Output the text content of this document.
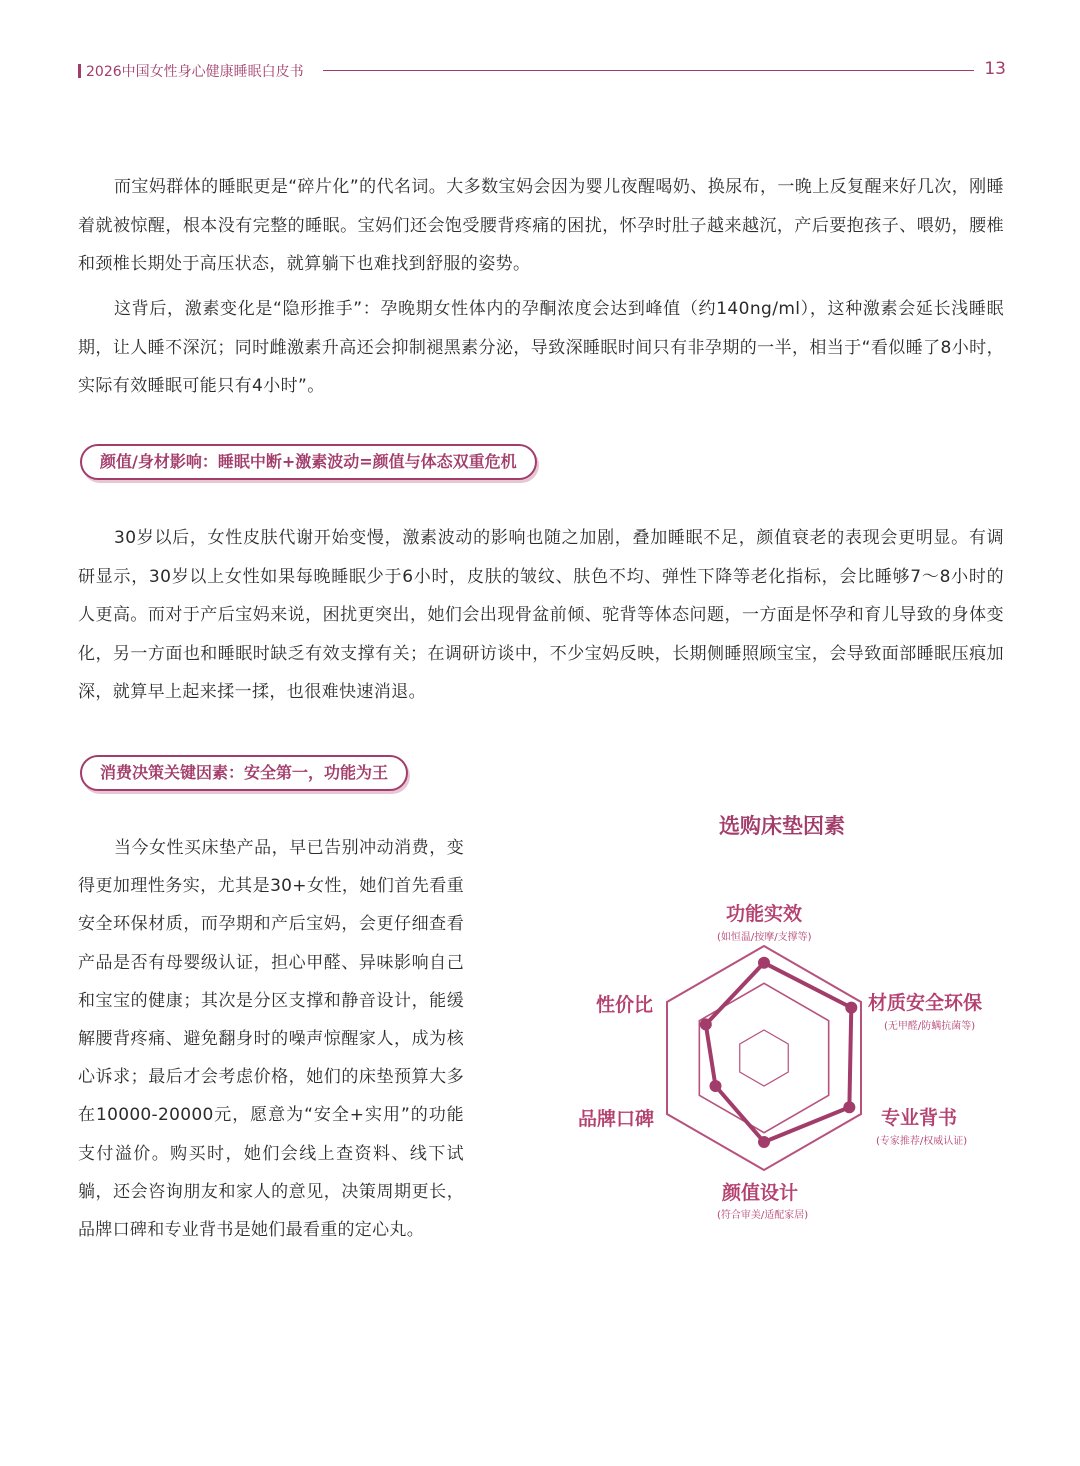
2026中国女性身心健康睡眠白皮书	13

而宝妈群体的睡眠更是“碎片化”的代名词。大多数宝妈会因为婴儿夜醒喝奶、换尿布，一晚上反复醒来好几次，刚睡着就被惊醒，根本没有完整的睡眠。宝妈们还会饱受腰背疼痛的困扰，怀孕时肚子越来越沉，产后要抱孩子、喂奶，腰椎和颈椎长期处于高压状态，就算躺下也难找到舒服的姿势。

这背后，激素变化是“隐形推手”：孕晚期女性体内的孕酮浓度会达到峰值（约140ng/ml），这种激素会延长浅睡眠期，让人睡不深沉；同时雌激素升高还会抑制褪黑素分泌，导致深睡眠时间只有非孕期的一半，相当于“看似睡了8小时，实际有效睡眠可能只有4小时”。

颜值/身材影响：睡眠中断+激素波动=颜值与体态双重危机

30岁以后，女性皮肤代谢开始变慢，激素波动的影响也随之加剧，叠加睡眠不足，颜值衰老的表现会更明显。有调研显示，30岁以上女性如果每晚睡眠少于6小时，皮肤的皱纹、肤色不均、弹性下降等老化指标，会比睡够7～8小时的人更高。而对于产后宝妈来说，困扰更突出，她们会出现骨盆前倾、驼背等体态问题，一方面是怀孕和育儿导致的身体变化，另一方面也和睡眠时缺乏有效支撑有关；在调研访谈中，不少宝妈反映，长期侧睡照顾宝宝，会导致面部睡眠压痕加深，就算早上起来揉一揉，也很难快速消退。

消费决策关键因素：安全第一，功能为王

当今女性买床垫产品，早已告别冲动消费，变得更加理性务实，尤其是30+女性，她们首先看重安全环保材质，而孕期和产后宝妈，会更仔细查看产品是否有母婴级认证，担心甲醛、异味影响自己和宝宝的健康；其次是分区支撑和静音设计，能缓解腰背疼痛、避免翻身时的噪声惊醒家人，成为核心诉求；最后才会考虑价格，她们的床垫预算大多在10000-20000元，愿意为“安全+实用”的功能支付溢价。购买时，她们会线上查资料、线下试躺，还会咨询朋友和家人的意见，决策周期更长，品牌口碑和专业背书是她们最看重的定心丸。

选购床垫因素
功能实效
(如恒温/按摩/支撑等)
材质安全环保
(无甲醛/防螨抗菌等)
专业背书
(专家推荐/权威认证)
颜值设计
(符合审美/适配家居)
品牌口碑
性价比
